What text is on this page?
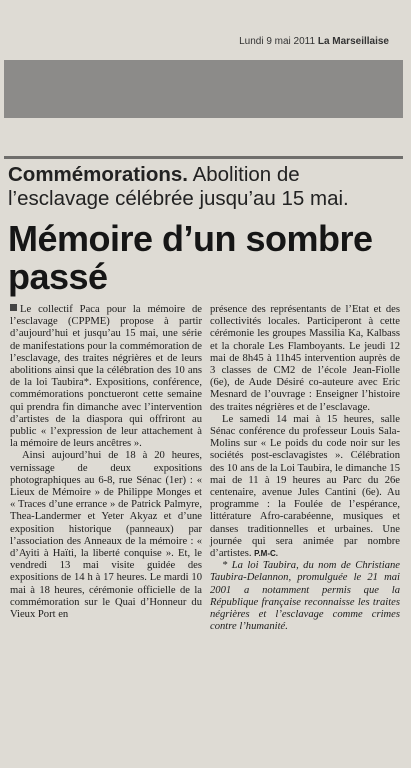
Lundi 9 mai 2011 La Marseillaise
Commémorations. Abolition de l’esclavage célébrée jusqu’au 15 mai.
Mémoire d’un sombre passé

Le collectif Paca pour la mémoire de l’esclavage (CPPME) propose à partir d’aujourd’hui et jusqu’au 15 mai, une série de manifestations pour la commémoration de l’esclavage, des traites négrières et de leurs abolitions ainsi que la célébration des 10 ans de la loi Taubira*. Expositions, conférence, commémorations ponctueront cette semaine qui prendra fin dimanche avec l’intervention d’artistes de la diaspora qui offriront au public « l’expression de leur attachement à la mémoire de leurs ancêtres ».

Ainsi aujourd’hui de 18 à 20 heures, vernissage de deux expositions photographiques au 6-8, rue Sénac (1er) : « Lieux de Mémoire » de Philippe Monges et « Traces d’une errance » de Patrick Palmyre, Thea-Landermer et Yeter Akyaz et d’une exposition historique (panneaux) par l’association des Anneaux de la mémoire : « d’Ayiti à Haïti, la liberté conquise ». Et, le vendredi 13 mai visite guidée des expositions de 14 h à 17 heures. Le mardi 10 mai à 18 heures, cérémonie officielle de la commémoration sur le Quai d’Honneur du Vieux Port en

présence des représentants de l’Etat et des collectivités locales. Participeront à cette cérémonie les groupes Massilia Ka, Kalbass et la chorale Les Flamboyants. Le jeudi 12 mai de 8h45 à 11h45 intervention auprès de 3 classes de CM2 de l’école Jean-Fiolle (6e), de Aude Désiré co-auteure avec Eric Mesnard de l’ouvrage : Enseigner l’histoire des traites négrières et de l’esclavage.

Le samedi 14 mai à 15 heures, salle Sénac conférence du professeur Louis Sala-Molins sur « Le poids du code noir sur les sociétés post-esclavagistes ». Célébration des 10 ans de la Loi Taubira, le dimanche 15 mai de 11 à 19 heures au Parc du 26e centenaire, avenue Jules Cantini (6e). Au programme : la Foulée de l’espérance, littérature Afro-carabéenne, musiques et danses traditionnelles et urbaines. Une journée qui sera animée par nombre d’artistes. P.M-C.

* La loi Taubira, du nom de Christiane Taubira-Delannon, promulguée le 21 mai 2001 a notamment permis que la République française reconnaisse les traites négrières et l’esclavage comme crimes contre l’humanité.
